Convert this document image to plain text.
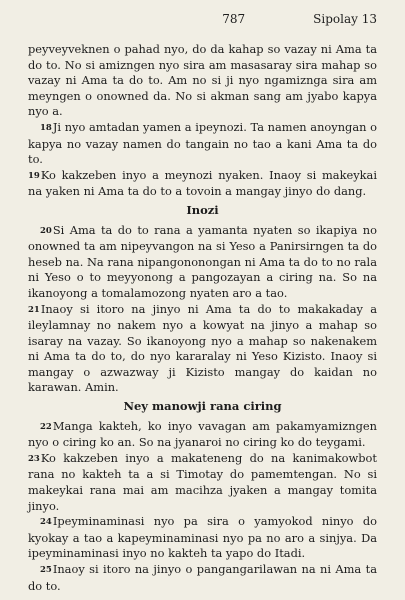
787	Sipolay 13

peyveyveknen o pahad nyo, do da kahap so vazay ni Ama ta do to. No si amizngen nyo sira am masasaray sira mahap so vazay ni Ama ta do to. Am no si ji nyo ngamizngа sira am meyngen o onowned da. No si akman sang am jyabo kapya nyo a.

18Ji nyo amtadan yamen a ipeynozi. Ta namen anoyngan o kapya no vazay namen do tangain no tao a kani Ama ta do to.

19Ko kakzeben inyo a meynozi nyaken. Inaoy si makeykai na yaken ni Ama ta do to a tovoin a mangay jinyo do dang.

Inozi

20Si Ama ta do to rana a yamanta nyaten so ikapiya no onowned ta am nipeyvangon na si Yeso a Panirsirngen ta do heseb na. Na rana nipangononongan ni Ama ta do to no rala ni Yeso o to meyyonong a pangozayan a ciring na. So na ikanoyong a tomalamozong nyaten aro a tao.

21Inaoy si itoro na jinyo ni Ama ta do to makakaday a ileylamnay no nakem nyo a kowyat na jinyo a mahap so isaray na vazay. So ikanoyong nyo a mahap so nakenakem ni Ama ta do to, do nyo kararalay ni Yeso Kizisto. Inaoy si mangay o azwazway ji Kizisto mangay do kaidan no karawan. Amin.

Ney manowji rana ciring

22Manga kakteh, ko inyo vavagan am pakamyamizngen nyo o ciring ko an. So na jyanaroi no ciring ko do teygami.

23Ko kakzeben inyo a makateneng do na kanimakowbot rana no kakteh ta a si Timotay do pamemtengan. No si makeykai rana mai am macihza jyaken a mangay tomita jinyo.

24Ipeyminaminasi nyo pa sira o yamyokod ninyo do kyokay a tao a kapeyminaminasi nyo pa no aro a sinjya. Da ipeyminaminasi inyo no kakteh ta yapo do Itadi.

25Inaoy si itoro na jinyo o pangangarilawan na ni Ama ta do to.
